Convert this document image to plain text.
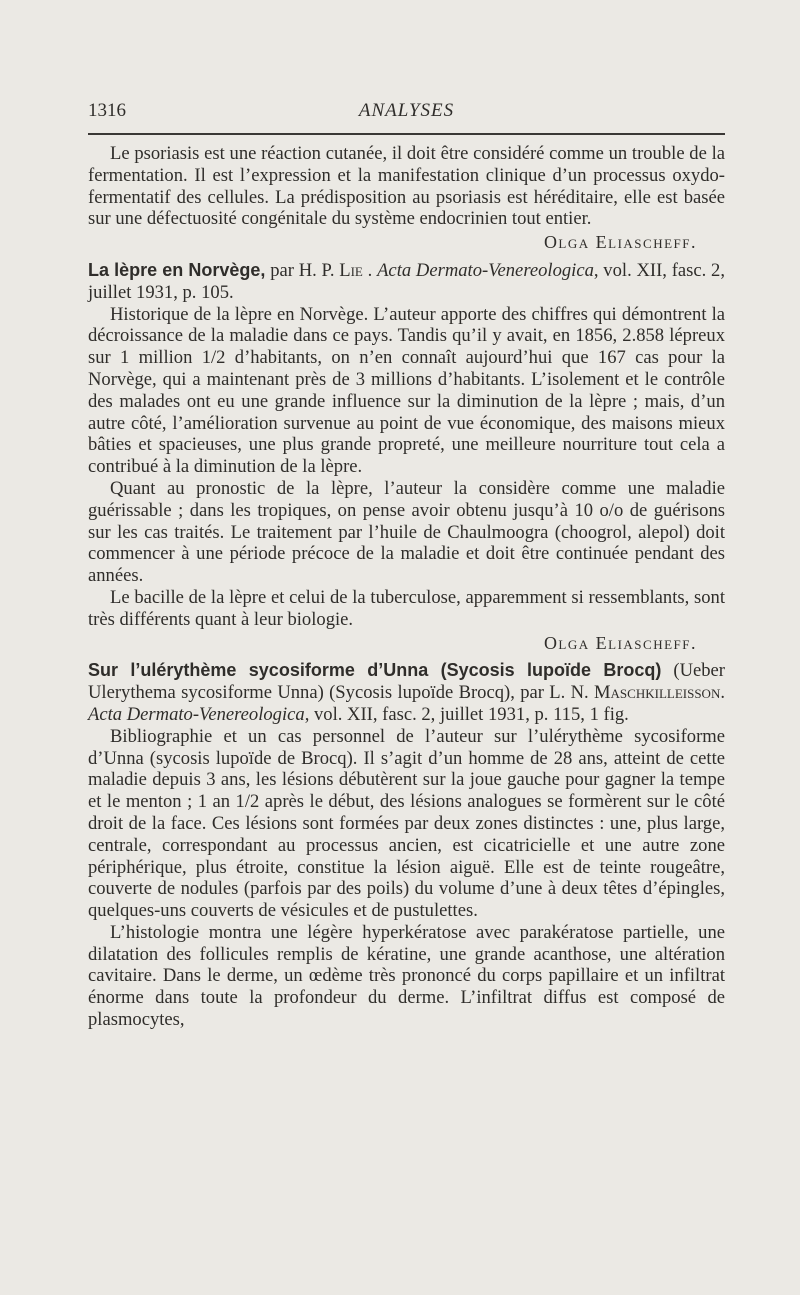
1316	ANALYSES

Le psoriasis est une réaction cutanée, il doit être considéré comme un trouble de la fermentation. Il est l’expression et la manifestation clinique d’un processus oxydo-fermentatif des cellules. La prédisposition au psoriasis est héréditaire, elle est basée sur une défectuosité congénitale du système endocrinien tout entier.

Olga Eliascheff.
La lèpre en Norvège, par H. P. Lie . Acta Dermato-Venereologica, vol. XII, fasc. 2, juillet 1931, p. 105.

Historique de la lèpre en Norvège. L’auteur apporte des chiffres qui démontrent la décroissance de la maladie dans ce pays. Tandis qu’il y avait, en 1856, 2.858 lépreux sur 1 million 1/2 d’habitants, on n’en connaît aujourd’hui que 167 cas pour la Norvège, qui a maintenant près de 3 millions d’habitants. L’isolement et le contrôle des malades ont eu une grande influence sur la diminution de la lèpre ; mais, d’un autre côté, l’amélioration survenue au point de vue économique, des maisons mieux bâties et spacieuses, une plus grande propreté, une meilleure nourriture tout cela a contribué à la diminution de la lèpre.

Quant au pronostic de la lèpre, l’auteur la considère comme une maladie guérissable ; dans les tropiques, on pense avoir obtenu jusqu’à 10 o/o de guérisons sur les cas traités. Le traitement par l’huile de Chaulmoogra (choogrol, alepol) doit commencer à une période précoce de la maladie et doit être continuée pendant des années.

Le bacille de la lèpre et celui de la tuberculose, apparemment si ressemblants, sont très différents quant à leur biologie.

Olga Eliascheff.
Sur l’ulérythème sycosiforme d’Unna (Sycosis lupoïde Brocq) (Ueber Ulerythema sycosiforme Unna) (Sycosis lupoïde Brocq), par L. N. Maschkilleisson. Acta Dermato-Venereologica, vol. XII, fasc. 2, juillet 1931, p. 115, 1 fig.

Bibliographie et un cas personnel de l’auteur sur l’ulérythème sycosiforme d’Unna (sycosis lupoïde de Brocq). Il s’agit d’un homme de 28 ans, atteint de cette maladie depuis 3 ans, les lésions débutèrent sur la joue gauche pour gagner la tempe et le menton ; 1 an 1/2 après le début, des lésions analogues se formèrent sur le côté droit de la face. Ces lésions sont formées par deux zones distinctes : une, plus large, centrale, correspondant au processus ancien, est cicatricielle et une autre zone périphérique, plus étroite, constitue la lésion aiguë. Elle est de teinte rougeâtre, couverte de nodules (parfois par des poils) du volume d’une à deux têtes d’épingles, quelques-uns couverts de vésicules et de pustulettes.

L’histologie montra une légère hyperkératose avec parakératose partielle, une dilatation des follicules remplis de kératine, une grande acanthose, une altération cavitaire. Dans le derme, un œdème très prononcé du corps papillaire et un infiltrat énorme dans toute la profondeur du derme. L’infiltrat diffus est composé de plasmocytes,
